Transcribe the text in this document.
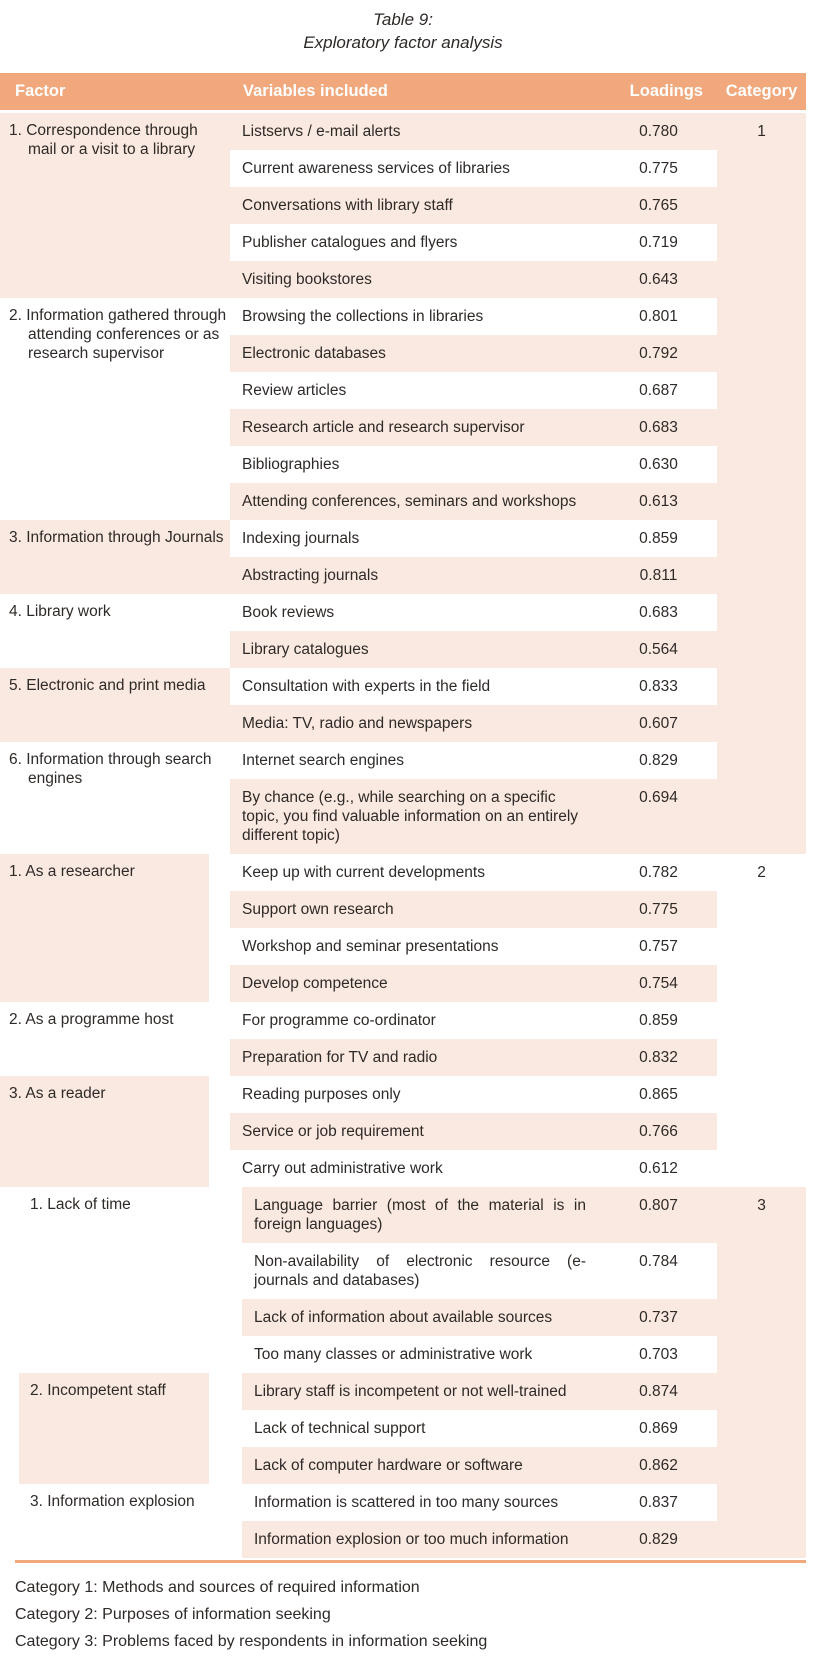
Table 9:
Exploratory factor analysis
Factor	Variables included	Loadings	Category
1. Correspondence through mail or a visit to a library	Listservs / e-mail alerts	0.780	1
	Current awareness services of libraries	0.775	
	Conversations with library staff	0.765	
	Publisher catalogues and flyers	0.719	
	Visiting bookstores	0.643	
2. Information gathered through attending conferences or as research supervisor	Browsing the collections in libraries	0.801	
	Electronic databases	0.792	
	Review articles	0.687	
	Research article and research supervisor	0.683	
	Bibliographies	0.630	
	Attending conferences, seminars and workshops	0.613	
3. Information through Journals	Indexing journals	0.859	
	Abstracting journals	0.811	
4. Library work	Book reviews	0.683	
	Library catalogues	0.564	
5. Electronic and print media	Consultation with experts in the field	0.833	
	Media: TV, radio and newspapers	0.607	
6. Information through search engines	Internet search engines	0.829	
	By chance (e.g., while searching on a specific topic, you find valuable information on an entirely different topic)	0.694	
1. As a researcher	Keep up with current developments	0.782	2
	Support own research	0.775	
	Workshop and seminar presentations	0.757	
	Develop competence	0.754	
2. As a programme host	For programme co-ordinator	0.859	
	Preparation for TV and radio	0.832	
3. As a reader	Reading purposes only	0.865	
	Service or job requirement	0.766	
	Carry out administrative work	0.612	
1. Lack of time	Language barrier (most of the material is in foreign languages)	0.807	3
	Non-availability of electronic resource (e-journals and databases)	0.784	
	Lack of information about available sources	0.737	
	Too many classes or administrative work	0.703	
2. Incompetent staff	Library staff is incompetent or not well-trained	0.874	
	Lack of technical support	0.869	
	Lack of computer hardware or software	0.862	
3. Information explosion	Information is scattered in too many sources	0.837	
	Information explosion or too much information	0.829	
Category 1: Methods and sources of required information
Category 2: Purposes of information seeking
Category 3: Problems faced by respondents in information seeking
